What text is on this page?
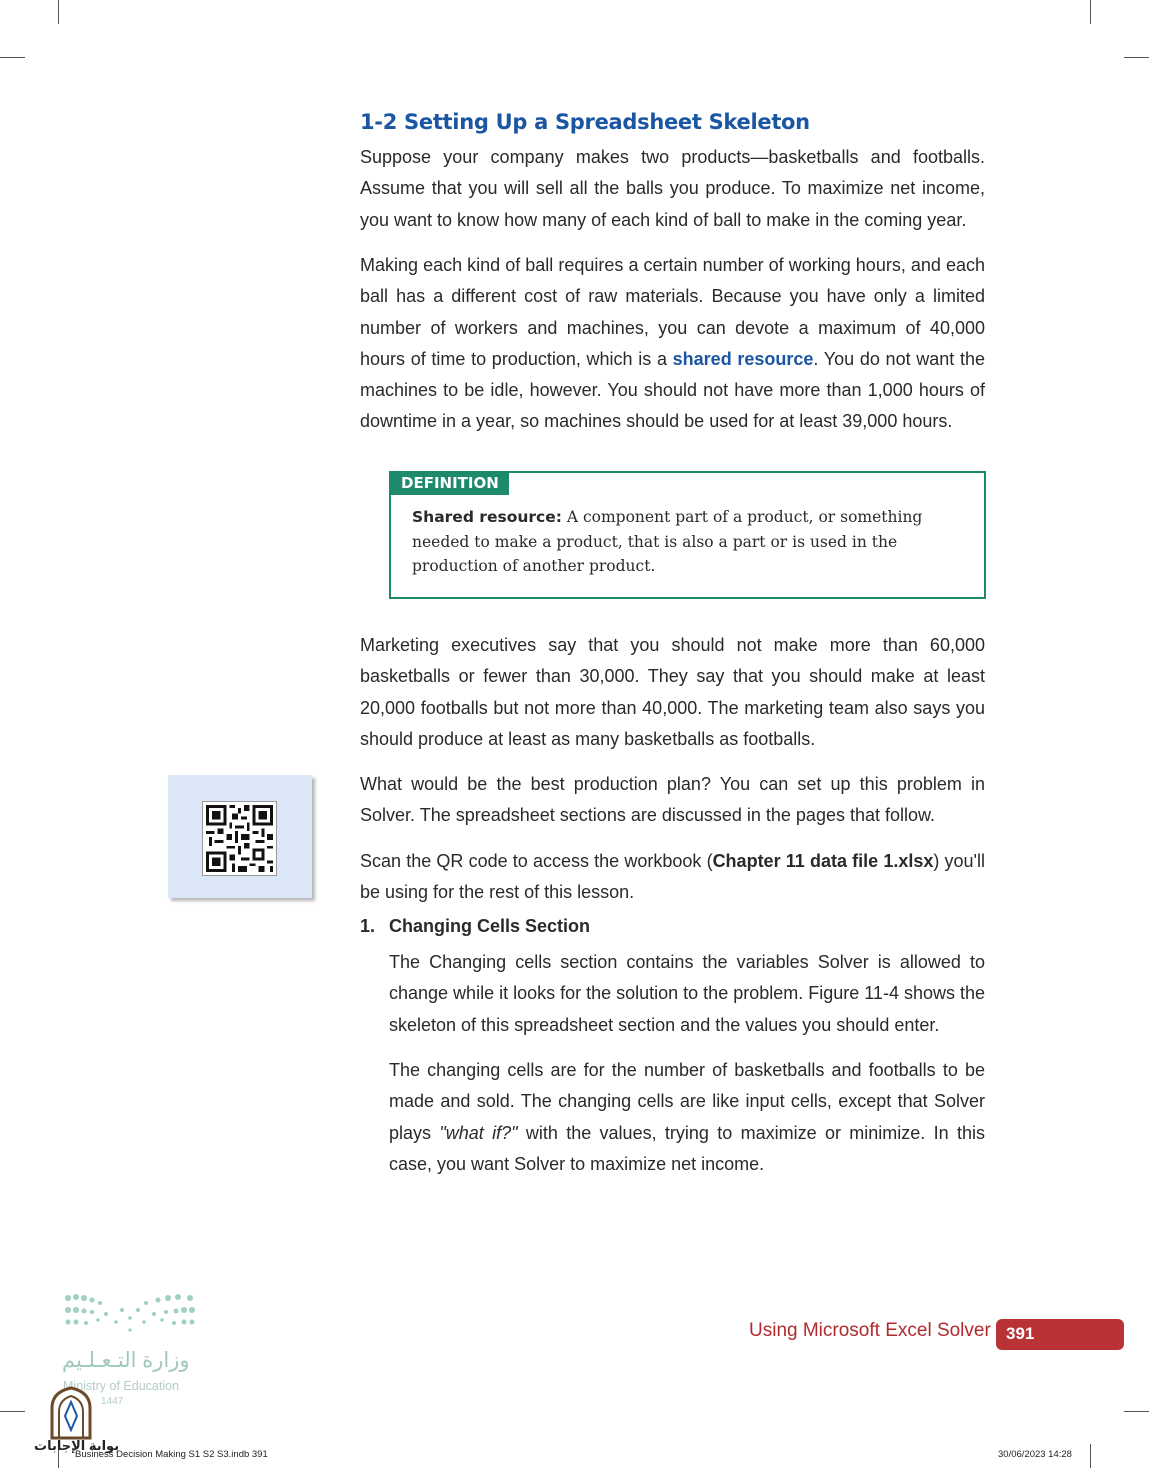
1-2 Setting Up a Spreadsheet Skeleton

Suppose your company makes two products—basketballs and footballs. Assume that you will sell all the balls you produce. To maximize net income, you want to know how many of each kind of ball to make in the coming year.

Making each kind of ball requires a certain number of working hours, and each ball has a different cost of raw materials. Because you have only a limited number of workers and machines, you can devote a maximum of 40,000 hours of time to production, which is a shared resource. You do not want the machines to be idle, however. You should not have more than 1,000 hours of downtime in a year, so machines should be used for at least 39,000 hours.

DEFINITION
Shared resource: A component part of a product, or something needed to make a product, that is also a part or is used in the production of another product.

Marketing executives say that you should not make more than 60,000 basketballs or fewer than 30,000. They say that you should make at least 20,000 footballs but not more than 40,000. The marketing team also says you should produce at least as many basketballs as footballs.

What would be the best production plan? You can set up this problem in Solver. The spreadsheet sections are discussed in the pages that follow.

Scan the QR code to access the workbook (Chapter 11 data file 1.xlsx) you'll be using for the rest of this lesson.

1. Changing Cells Section

The Changing cells section contains the variables Solver is allowed to change while it looks for the solution to the problem. Figure 11-4 shows the skeleton of this spreadsheet section and the values you should enter.

The changing cells are for the number of basketballs and footballs to be made and sold. The changing cells are like input cells, except that Solver plays "what if?" with the values, trying to maximize or minimize. In this case, you want Solver to maximize net income.

Using Microsoft Excel Solver 391
وزارة التـعـلـيم
Ministry of Education
1447
بوابة الإجابات
Business Decision Making S1 S2 S3.indb 391	30/06/2023 14:28
